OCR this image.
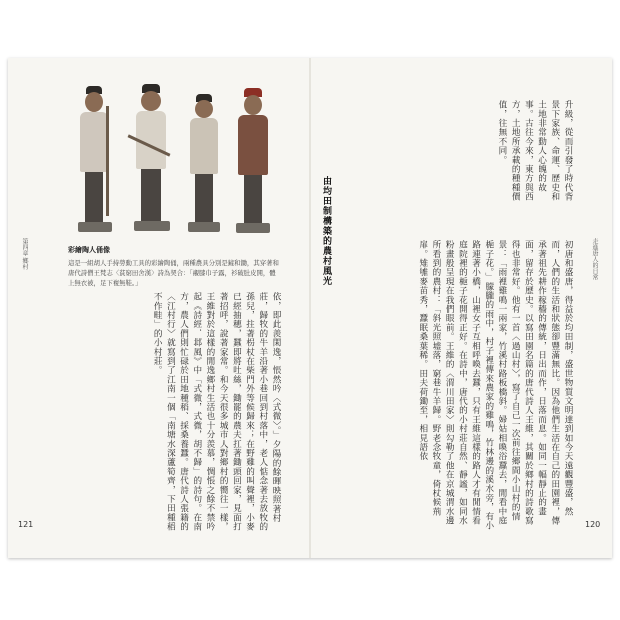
彩繪陶人俑像
這是一組胡人手持勞動工具的彩繪陶俑，兩種農具分別是鏟和鋤，其穿著和唐代詩僧王梵志〈貧窮田舍漢〉詩為契合：「襯膝巾子露，衫破肚皮開，體上無衣被，足下複無鞋。」
依，即此羨閑逸，悵然吟〈式微〉。」夕陽的餘暉映照著村莊，歸牧的牛羊沿著小巷回到村落中，老人惦念著去放牧的孫兒，拄著枴杖在柴門外等候歸來；在野雞的叫聲裡，小麥已經抽穗，蠶即將吐絲，鋤罷的農夫扛著鋤頭回家，見面打著招呼，說著家常。和今天很多城市人對鄉村的嚮往一樣，王維對於這樣的閒逸鄉村生活也十分羨慕，惆悵之餘不禁吟起《詩經．邶風》中「式微，式微，胡不歸」的詩句。在南方，農人們則忙碌於田地種稻、採桑養蠶。唐代詩人張籍的〈江村行〉就寫到了江南一個「南塘水深蘆筍齊，下田種稻不作畦」的小村莊。
第四章 鄉村
121
升級，從而引發了時代背景下家族、命運、歷史和土地非常動人心魄的故事。古往今來，東方與西方，土地所承載的種種價值，往無不同。
由均田制構築的農村風光
初唐和盛唐，得益於均田制，盛世物質文明達到如今天遠觀豐盛，然而，人們的生活和狀態卻豐滿無比。因為他們生活在自己的田園裡，傳承著祖先耕作稼穡的傳統，日出而作，日落而息。如同一幅靜止的畫面，留存於歷史。以寫田園名篇的唐代詩人王維，其關於鄉村的詩歌寫得也非常好。他有一首〈過山村〉，寫了自己一次前往鄉間小山村的情景：「雨裡雞鳴一兩家，竹溪村路板橋斜。婦姑相喚浴蠶去，閒看中庭梔子花。」朦朧的雨中，村子裡傳來農家的雞鳴，竹林邊的溪水旁，有小路連著小橋，山裡女子互相呼喚去蠶，只有王維這樣的路人才有閒情看庭院裡的梔子花開得正好。在詩中，唐代的小村莊自然、靜謐，如同水粉畫般呈現在我們眼前。王維的〈渭川田家〉則勾勒了他在京城渭水邊所看到的農村：「斜光照墟落，窮巷牛羊歸。野老念牧童，倚杖候荊扉。雉雊麥苗秀，蠶眠桑葉稀。田夫荷鋤至，相見語依	走進唐人的日常
120
